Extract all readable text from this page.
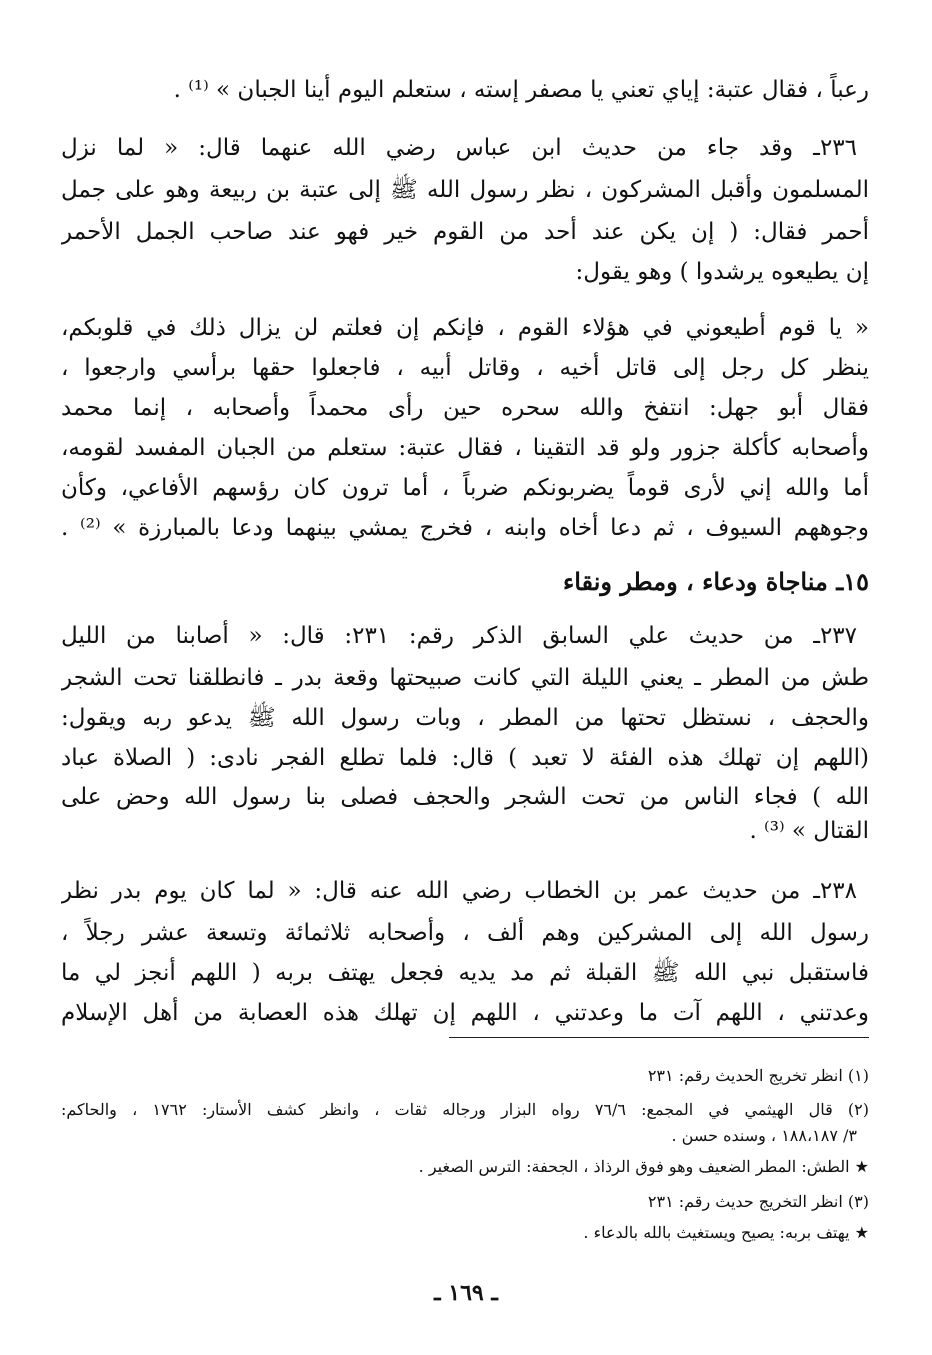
رعباً ، فقال عتبة: إياي تعني يا مصفر إسته ، ستعلم اليوم أينا الجبان » ⁽¹⁾ .
٢٣٦ـ وقد جاء من حديث ابن عباس رضي الله عنهما قال: « لما نزل
المسلمون وأقبل المشركون ، نظر رسول الله ﷺ إلى عتبة بن ربيعة وهو على جمل
أحمر فقال: ( إن يكن عند أحد من القوم خير فهو عند صاحب الجمل الأحمر
إن يطيعوه يرشدوا ) وهو يقول:
« يا قوم أطيعوني في هؤلاء القوم ، فإنكم إن فعلتم لن يزال ذلك في قلوبكم،
ينظر كل رجل إلى قاتل أخيه ، وقاتل أبيه ، فاجعلوا حقها برأسي وارجعوا ،
فقال أبو جهل: انتفخ والله سحره حين رأى محمداً وأصحابه ، إنما محمد
وأصحابه كأكلة جزور ولو قد التقينا ، فقال عتبة: ستعلم من الجبان المفسد لقومه،
أما والله إني لأرى قوماً يضربونكم ضرباً ، أما ترون كان رؤسهم الأفاعي، وكأن
وجوههم السيوف ، ثم دعا أخاه وابنه ، فخرج يمشي بينهما ودعا بالمبارزة » ⁽²⁾ .
١٥ـ مناجاة ودعاء ، ومطر ونقاء
٢٣٧ـ من حديث علي السابق الذكر رقم: ٢٣١: قال: « أصابنا من الليل
طش من المطر ـ يعني الليلة التي كانت صبيحتها وقعة بدر ـ فانطلقنا تحت الشجر
والحجف ، نستظل تحتها من المطر ، وبات رسول الله ﷺ يدعو ربه ويقول:
(اللهم إن تهلك هذه الفئة لا تعبد ) قال: فلما تطلع الفجر نادى: ( الصلاة عباد
الله ) فجاء الناس من تحت الشجر والحجف فصلى بنا رسول الله وحض على
القتال » ⁽³⁾ .
٢٣٨ـ من حديث عمر بن الخطاب رضي الله عنه قال: « لما كان يوم بدر نظر
رسول الله إلى المشركين وهم ألف ، وأصحابه ثلاثمائة وتسعة عشر رجلاً ،
فاستقبل نبي الله ﷺ القبلة ثم مد يديه فجعل يهتف بربه ( اللهم أنجز لي ما
وعدتني ، اللهم آت ما وعدتني ، اللهم إن تهلك هذه العصابة من أهل الإسلام
(١) انظر تخريج الحديث رقم: ٢٣١
(٢) قال الهيثمي في المجمع: ٧٦/٦ رواه البزار ورجاله ثقات ، وانظر كشف الأستار: ١٧٦٢ ، والحاكم:
٣/ ١٨٨،١٨٧ ، وسنده حسن .
★ الطش: المطر الضعيف وهو فوق الرذاذ ، الجحفة: الترس الصغير .
(٣) انظر التخريج حديث رقم: ٢٣١
★ يهتف بربه: يصيح ويستغيث بالله بالدعاء .
ـ ١٦٩ ـ
